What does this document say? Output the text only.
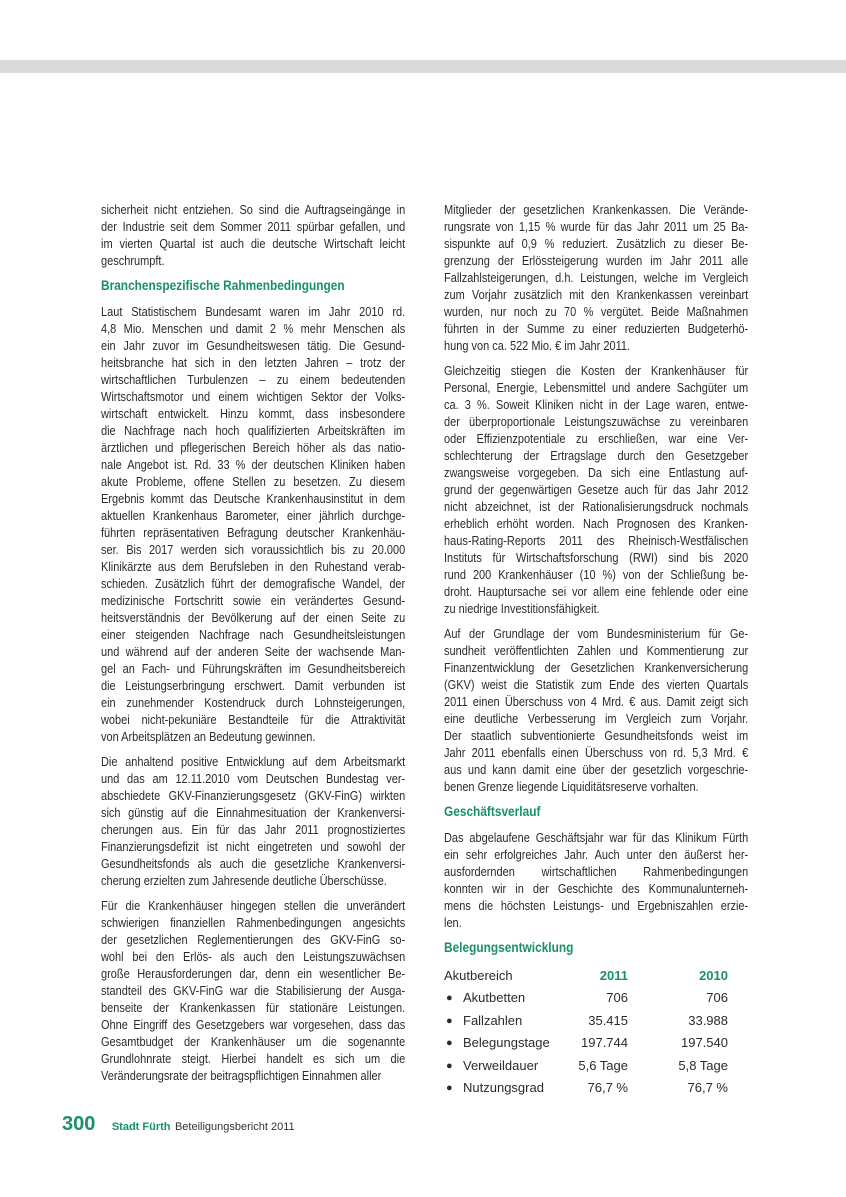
sicherheit nicht entziehen. So sind die Auftragseingänge in
der Industrie seit dem Sommer 2011 spürbar gefallen, und
im vierten Quartal ist auch die deutsche Wirtschaft leicht
geschrumpft.
Branchenspezifische Rahmenbedingungen
Laut Statistischem Bundesamt waren im Jahr 2010 rd.
4,8 Mio. Menschen und damit 2 % mehr Menschen als
ein Jahr zuvor im Gesundheitswesen tätig. Die Gesund-
heitsbranche hat sich in den letzten Jahren – trotz der
wirtschaftlichen Turbulenzen – zu einem bedeutenden
Wirtschaftsmotor und einem wichtigen Sektor der Volks-
wirtschaft entwickelt. Hinzu kommt, dass insbesondere
die Nachfrage nach hoch qualifizierten Arbeitskräften im
ärztlichen und pflegerischen Bereich höher als das natio-
nale Angebot ist. Rd. 33 % der deutschen Kliniken haben
akute Probleme, offene Stellen zu besetzen. Zu diesem
Ergebnis kommt das Deutsche Krankenhausinstitut in dem
aktuellen Krankenhaus Barometer, einer jährlich durchge-
führten repräsentativen Befragung deutscher Krankenhäu-
ser. Bis 2017 werden sich voraussichtlich bis zu 20.000
Klinikärzte aus dem Berufsleben in den Ruhestand verab-
schieden. Zusätzlich führt der demografische Wandel, der
medizinische Fortschritt sowie ein verändertes Gesund-
heitsverständnis der Bevölkerung auf der einen Seite zu
einer steigenden Nachfrage nach Gesundheitsleistungen
und während auf der anderen Seite der wachsende Man-
gel an Fach- und Führungskräften im Gesundheitsbereich
die Leistungserbringung erschwert. Damit verbunden ist
ein zunehmender Kostendruck durch Lohnsteigerungen,
wobei nicht-pekuniäre Bestandteile für die Attraktivität
von Arbeitsplätzen an Bedeutung gewinnen.
Die anhaltend positive Entwicklung auf dem Arbeitsmarkt
und das am 12.11.2010 vom Deutschen Bundestag ver-
abschiedete GKV-Finanzierungsgesetz (GKV-FinG) wirkten
sich günstig auf die Einnahmesituation der Krankenversi-
cherungen aus. Ein für das Jahr 2011 prognostiziertes
Finanzierungsdefizit ist nicht eingetreten und sowohl der
Gesundheitsfonds als auch die gesetzliche Krankenversi-
cherung erzielten zum Jahresende deutliche Überschüsse.
Für die Krankenhäuser hingegen stellen die unverändert
schwierigen finanziellen Rahmenbedingungen angesichts
der gesetzlichen Reglementierungen des GKV-FinG so-
wohl bei den Erlös- als auch den Leistungszuwächsen
große Herausforderungen dar, denn ein wesentlicher Be-
standteil des GKV-FinG war die Stabilisierung der Ausga-
benseite der Krankenkassen für stationäre Leistungen.
Ohne Eingriff des Gesetzgebers war vorgesehen, dass das
Gesamtbudget der Krankenhäuser um die sogenannte
Grundlohnrate steigt. Hierbei handelt es sich um die
Veränderungsrate der beitragspflichtigen Einnahmen aller
Mitglieder der gesetzlichen Krankenkassen. Die Verände-
rungsrate von 1,15 % wurde für das Jahr 2011 um 25 Ba-
sispunkte auf 0,9 % reduziert. Zusätzlich zu dieser Be-
grenzung der Erlössteigerung wurden im Jahr 2011 alle
Fallzahlsteigerungen, d.h. Leistungen, welche im Vergleich
zum Vorjahr zusätzlich mit den Krankenkassen vereinbart
wurden, nur noch zu 70 % vergütet. Beide Maßnahmen
führten in der Summe zu einer reduzierten Budgeterhö-
hung von ca. 522 Mio. € im Jahr 2011.
Gleichzeitig stiegen die Kosten der Krankenhäuser für
Personal, Energie, Lebensmittel und andere Sachgüter um
ca. 3 %. Soweit Kliniken nicht in der Lage waren, entwe-
der überproportionale Leistungszuwächse zu vereinbaren
oder Effizienzpotentiale zu erschließen, war eine Ver-
schlechterung der Ertragslage durch den Gesetzgeber
zwangsweise vorgegeben. Da sich eine Entlastung auf-
grund der gegenwärtigen Gesetze auch für das Jahr 2012
nicht abzeichnet, ist der Rationalisierungsdruck nochmals
erheblich erhöht worden. Nach Prognosen des Kranken-
haus-Rating-Reports 2011 des Rheinisch-Westfälischen
Instituts für Wirtschaftsforschung (RWI) sind bis 2020
rund 200 Krankenhäuser (10 %) von der Schließung be-
droht. Hauptursache sei vor allem eine fehlende oder eine
zu niedrige Investitionsfähigkeit.
Auf der Grundlage der vom Bundesministerium für Ge-
sundheit veröffentlichten Zahlen und Kommentierung zur
Finanzentwicklung der Gesetzlichen Krankenversicherung
(GKV) weist die Statistik zum Ende des vierten Quartals
2011 einen Überschuss von 4 Mrd. € aus. Damit zeigt sich
eine deutliche Verbesserung im Vergleich zum Vorjahr.
Der staatlich subventionierte Gesundheitsfonds weist im
Jahr 2011 ebenfalls einen Überschuss von rd. 5,3 Mrd. €
aus und kann damit eine über der gesetzlich vorgeschrie-
benen Grenze liegende Liquiditätsreserve vorhalten.
Geschäftsverlauf
Das abgelaufene Geschäftsjahr war für das Klinikum Fürth
ein sehr erfolgreiches Jahr. Auch unter den äußerst her-
ausfordernden wirtschaftlichen Rahmenbedingungen
konnten wir in der Geschichte des Kommunalunterneh-
mens die höchsten Leistungs- und Ergebniszahlen erzie-
len.
Belegungsentwicklung
Akutbereich	2011	2010
● Akutbetten	706	706
● Fallzahlen	35.415	33.988
● Belegungstage 197.744	197.540
● Verweildauer	5,6 Tage	5,8 Tage
● Nutzungsgrad	76,7 %	76,7 %
300 Stadt Fürth Beteiligungsbericht 2011
